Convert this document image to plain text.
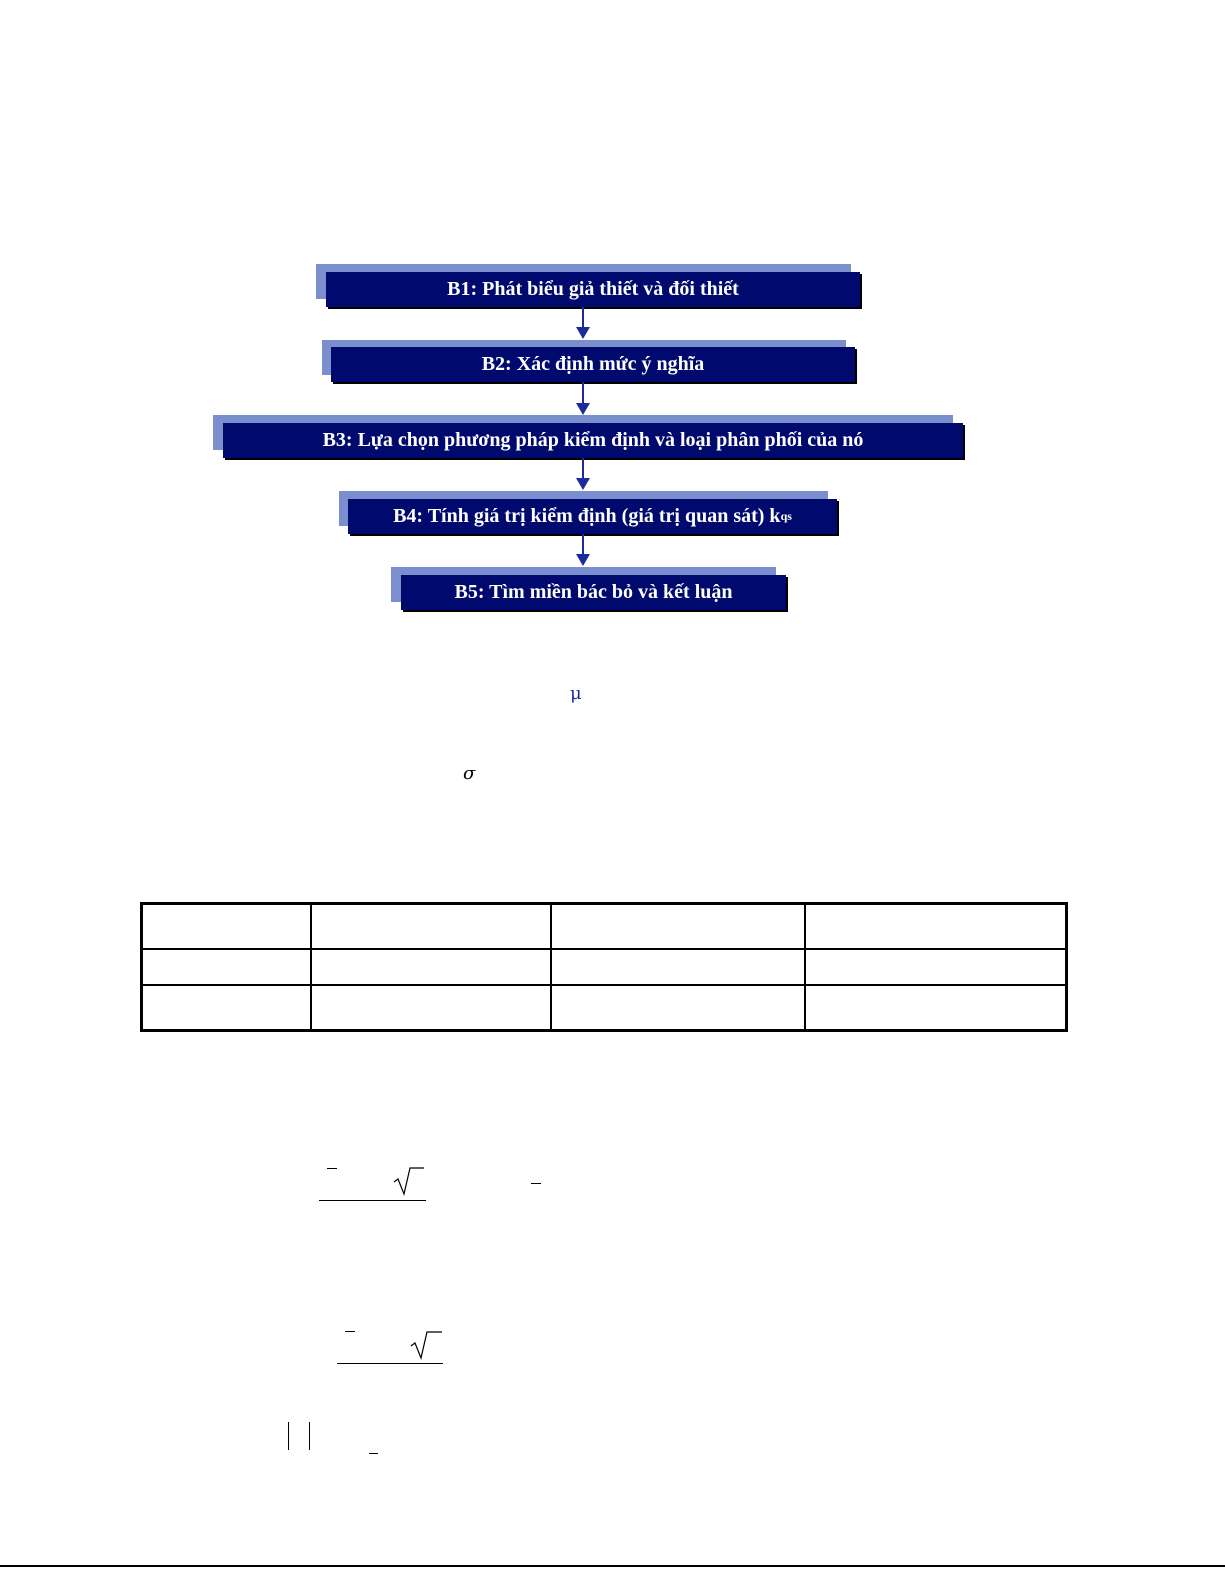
B1: Phát biểu giả thiết và đối thiết
B2: Xác định mức ý nghĩa
B3: Lựa chọn phương pháp kiểm định và loại phân phối của nó
B4: Tính giá trị kiểm định (giá trị quan sát) k qs
B5: Tìm miền bác bỏ và kết luận
μ
σ
